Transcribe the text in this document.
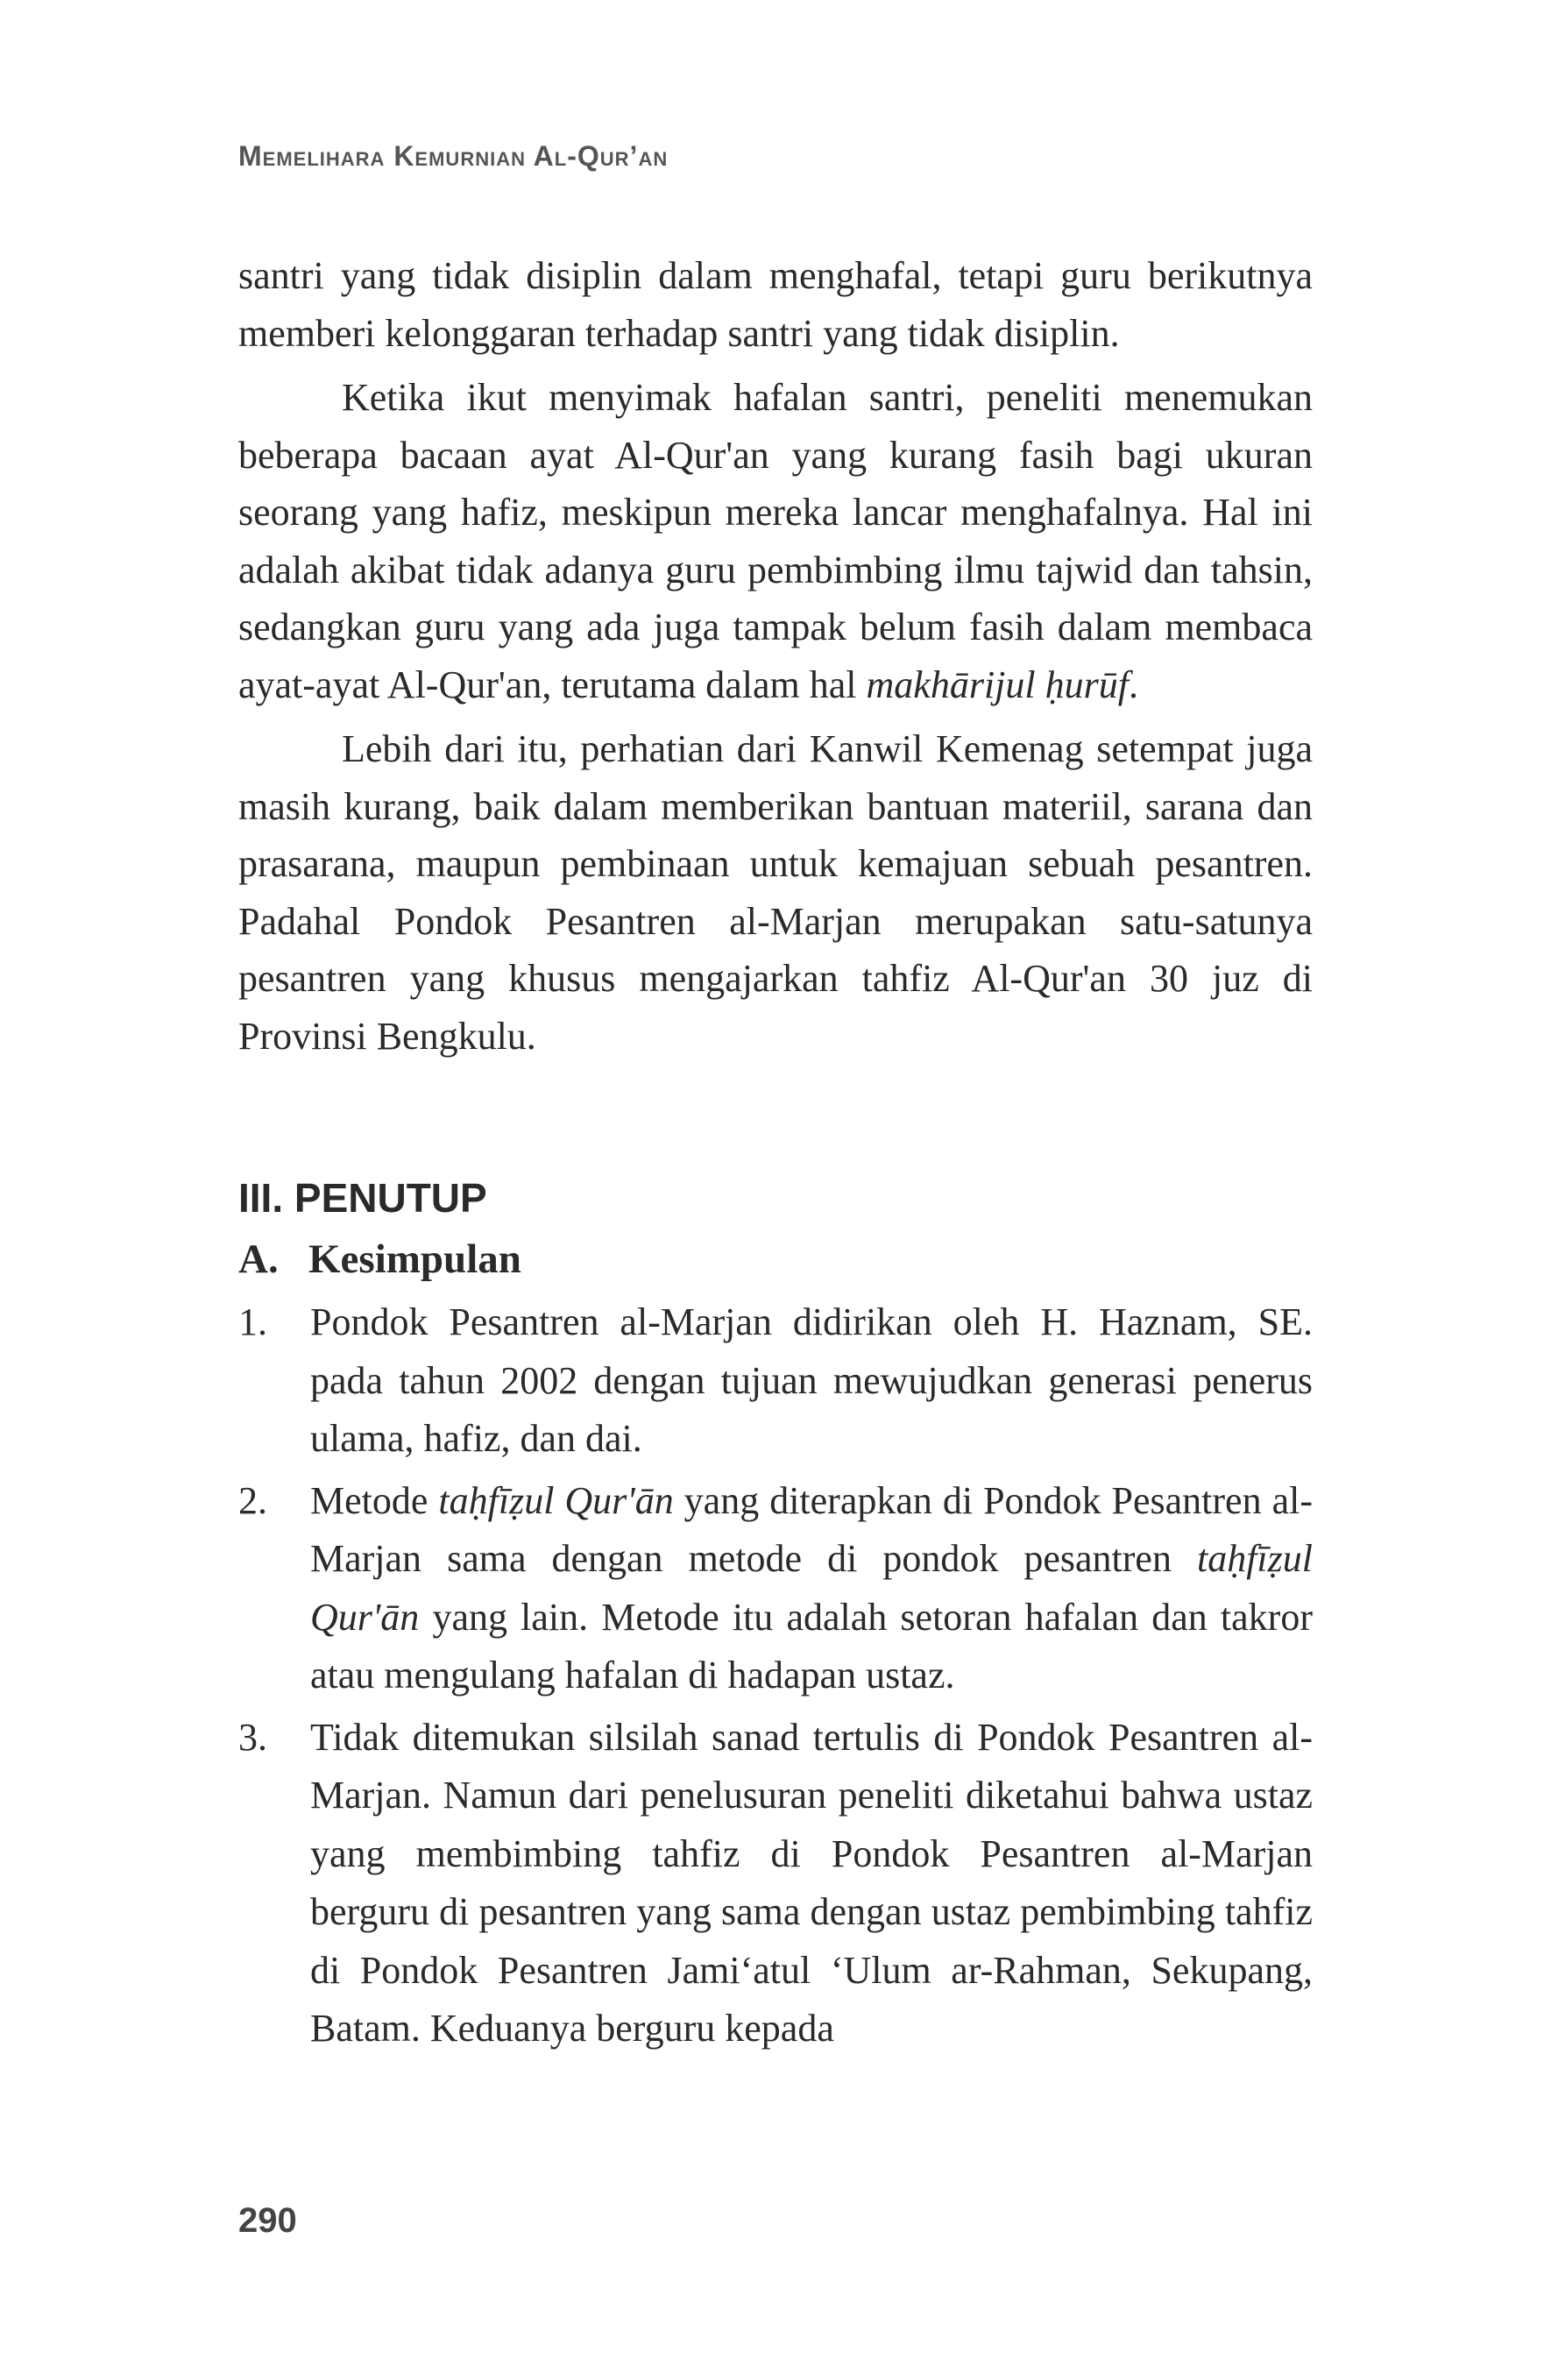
Memelihara Kemurnian Al-Qur’an

santri yang tidak disiplin dalam menghafal, tetapi guru berikutnya memberi kelonggaran terhadap santri yang tidak disiplin.

Ketika ikut menyimak hafalan santri, peneliti menemukan beberapa bacaan ayat Al-Qur'an yang kurang fasih bagi ukuran seorang yang hafiz, meskipun mereka lancar menghafalnya. Hal ini adalah akibat tidak adanya guru pembimbing ilmu tajwid dan tahsin, sedangkan guru yang ada juga tampak belum fasih dalam membaca ayat-ayat Al-Qur'an, terutama dalam hal makhārijul ḥurūf.

Lebih dari itu, perhatian dari Kanwil Kemenag setempat juga masih kurang, baik dalam memberikan bantuan materiil, sarana dan prasarana, maupun pembinaan untuk kemajuan sebuah pesantren. Padahal Pondok Pesantren al-Marjan merupakan satu-satunya pesantren yang khusus mengajarkan tahfiz Al-Qur'an 30 juz di Provinsi Bengkulu.

III. PENUTUP
A. Kesimpulan
1.	Pondok Pesantren al-Marjan didirikan oleh H. Haznam, SE. pada tahun 2002 dengan tujuan mewujudkan generasi penerus ulama, hafiz, dan dai.
2.	Metode taḥfīẓul Qur'ān yang diterapkan di Pondok Pesantren al-Marjan sama dengan metode di pondok pesantren taḥfīẓul Qur'ān yang lain. Metode itu adalah setoran hafalan dan takror atau mengulang hafalan di hadapan ustaz.
3.	Tidak ditemukan silsilah sanad tertulis di Pondok Pesantren al-Marjan. Namun dari penelusuran peneliti diketahui bahwa ustaz yang membimbing tahfiz di Pondok Pesantren al-Marjan berguru di pesantren yang sama dengan ustaz pembimbing tahfiz di Pondok Pesantren Jami‘atul ‘Ulum ar-Rahman, Sekupang, Batam. Keduanya berguru kepada
290
